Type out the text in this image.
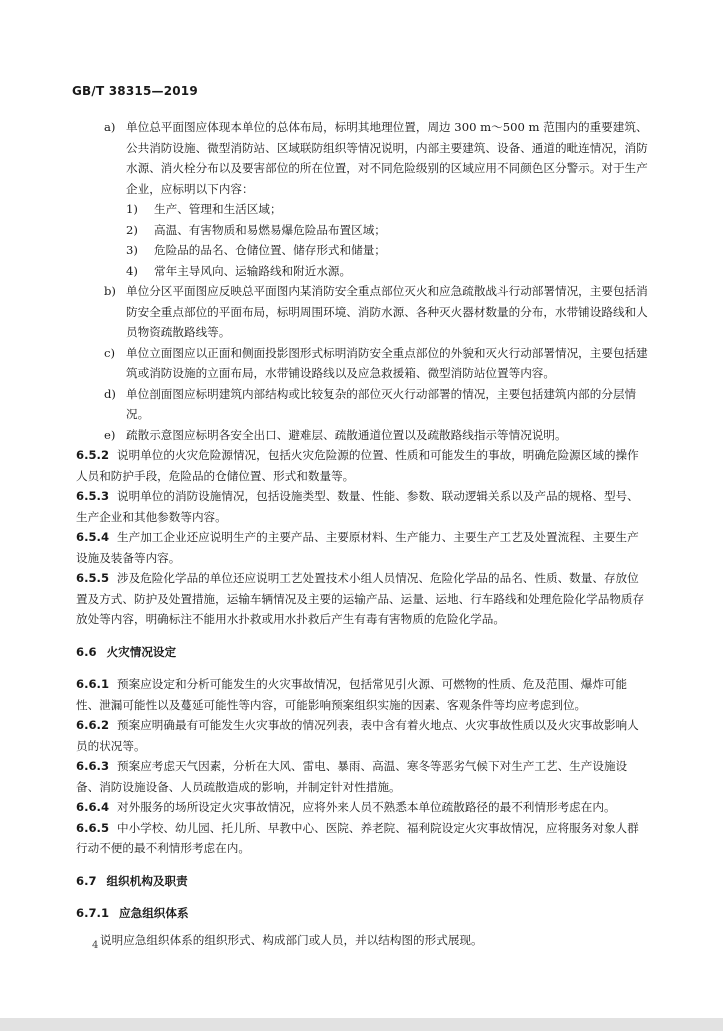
GB/T 38315—2019
a) 单位总平面图应体现本单位的总体布局，标明其地理位置，周边 300 m～500 m 范围内的重要建筑、公共消防设施、微型消防站、区域联防组织等情况说明，内部主要建筑、设备、通道的毗连情况，消防水源、消火栓分布以及要害部位的所在位置，对不同危险级别的区域应用不同颜色区分警示。对于生产企业，应标明以下内容：
1)	生产、管理和生活区域；
2)	高温、有害物质和易燃易爆危险品布置区域；
3)	危险品的品名、仓储位置、储存形式和储量；
4)	常年主导风向、运输路线和附近水源。
b) 单位分区平面图应反映总平面图内某消防安全重点部位灭火和应急疏散战斗行动部署情况，主要包括消防安全重点部位的平面布局，标明周围环境、消防水源、各种灭火器材数量的分布，水带铺设路线和人员物资疏散路线等。
c) 单位立面图应以正面和侧面投影图形式标明消防安全重点部位的外貌和灭火行动部署情况，主要包括建筑或消防设施的立面布局，水带铺设路线以及应急救援箱、微型消防站位置等内容。
d) 单位剖面图应标明建筑内部结构或比较复杂的部位灭火行动部署的情况，主要包括建筑内部的分层情况。
e) 疏散示意图应标明各安全出口、避难层、疏散通道位置以及疏散路线指示等情况说明。

6.5.2 说明单位的火灾危险源情况，包括火灾危险源的位置、性质和可能发生的事故，明确危险源区域的操作人员和防护手段，危险品的仓储位置、形式和数量等。

6.5.3 说明单位的消防设施情况，包括设施类型、数量、性能、参数、联动逻辑关系以及产品的规格、型号、生产企业和其他参数等内容。

6.5.4 生产加工企业还应说明生产的主要产品、主要原材料、生产能力、主要生产工艺及处置流程、主要生产设施及装备等内容。

6.5.5 涉及危险化学品的单位还应说明工艺处置技术小组人员情况、危险化学品的品名、性质、数量、存放位置及方式、防护及处置措施，运输车辆情况及主要的运输产品、运量、运地、行车路线和处理危险化学品物质存放处等内容，明确标注不能用水扑救或用水扑救后产生有毒有害物质的危险化学品。

6.6 火灾情况设定

6.6.1 预案应设定和分析可能发生的火灾事故情况，包括常见引火源、可燃物的性质、危及范围、爆炸可能性、泄漏可能性以及蔓延可能性等内容，可能影响预案组织实施的因素、客观条件等均应考虑到位。

6.6.2 预案应明确最有可能发生火灾事故的情况列表，表中含有着火地点、火灾事故性质以及火灾事故影响人员的状况等。

6.6.3 预案应考虑天气因素，分析在大风、雷电、暴雨、高温、寒冬等恶劣气候下对生产工艺、生产设施设备、消防设施设备、人员疏散造成的影响，并制定针对性措施。

6.6.4 对外服务的场所设定火灾事故情况，应将外来人员不熟悉本单位疏散路径的最不利情形考虑在内。

6.6.5 中小学校、幼儿园、托儿所、早教中心、医院、养老院、福利院设定火灾事故情况，应将服务对象人群行动不便的最不利情形考虑在内。

6.7 组织机构及职责
6.7.1 应急组织体系

说明应急组织体系的组织形式、构成部门或人员，并以结构图的形式展现。

4
